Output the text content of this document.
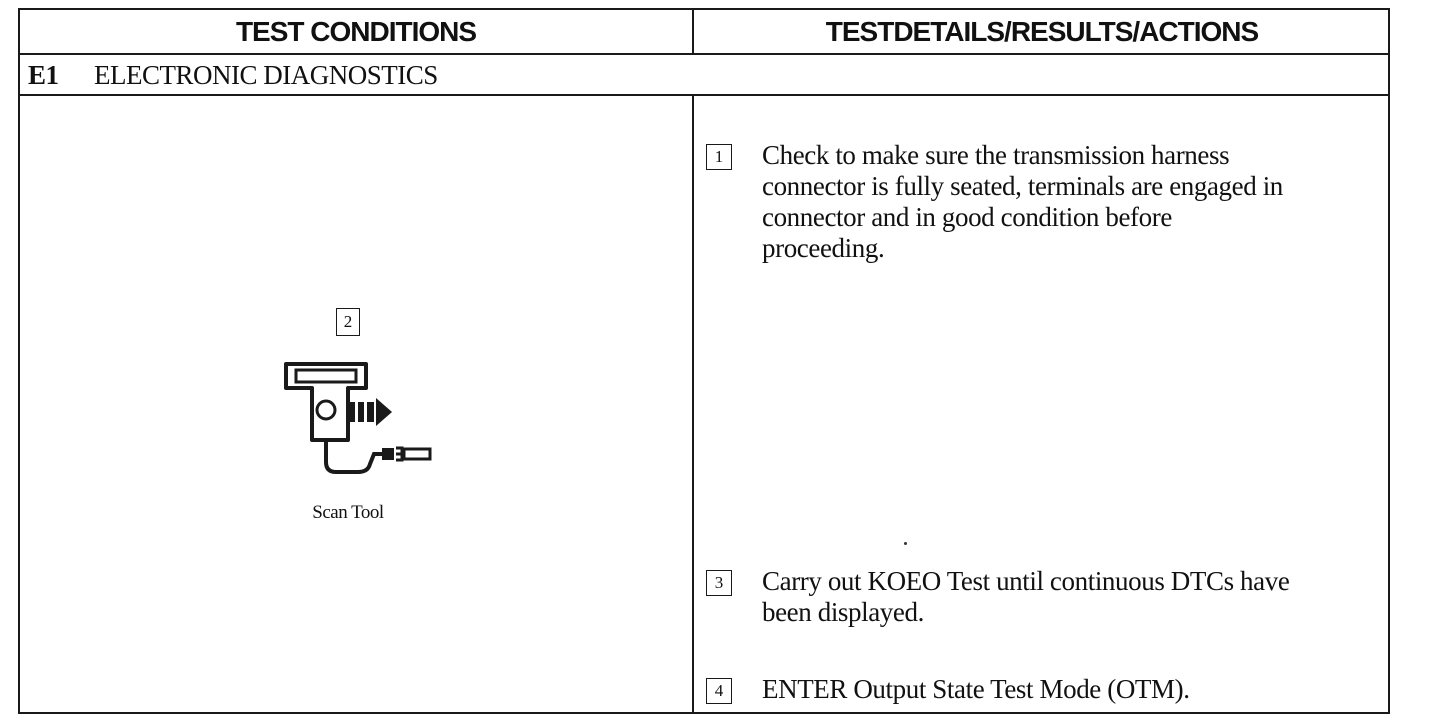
TEST CONDITIONS	TESTDETAILS/RESULTS/ACTIONS
E1	ELECTRONIC DIAGNOSTICS
2
Scan Tool
1	Check to make sure the transmission harness
connector is fully seated, terminals are engaged in
connector and in good condition before
proceeding.
3	Carry out KOEO Test until continuous DTCs have
been displayed.
4	ENTER Output State Test Mode (OTM).
